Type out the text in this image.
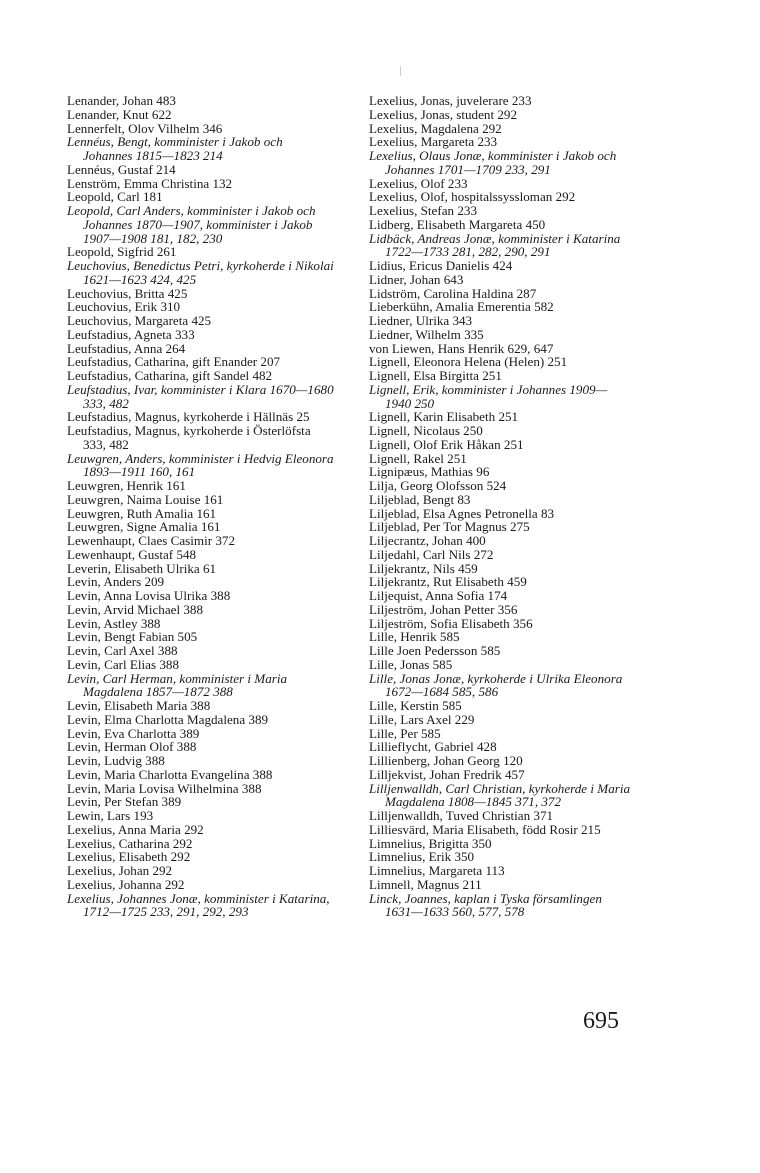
Lenander, Johan 483

Lenander, Knut 622

Lennerfelt, Olov Vilhelm 346

Lennéus, Bengt, komminister i Jakob och Johannes 1815—1823 214

Lennéus, Gustaf 214

Lenström, Emma Christina 132

Leopold, Carl 181

Leopold, Carl Anders, komminister i Jakob och Johannes 1870—1907, komminister i Jakob 1907—1908 181, 182, 230

Leopold, Sigfrid 261

Leuchovius, Benedictus Petri, kyrkoherde i Nikolai 1621—1623 424, 425

Leuchovius, Britta 425

Leuchovius, Erik 310

Leuchovius, Margareta 425

Leufstadius, Agneta 333

Leufstadius, Anna 264

Leufstadius, Catharina, gift Enander 207

Leufstadius, Catharina, gift Sandel 482

Leufstadius, Ivar, komminister i Klara 1670—1680 333, 482

Leufstadius, Magnus, kyrkoherde i Hällnäs 25

Leufstadius, Magnus, kyrkoherde i Österlöfsta 333, 482

Leuwgren, Anders, komminister i Hedvig Eleonora 1893—1911 160, 161

Leuwgren, Henrik 161

Leuwgren, Naima Louise 161

Leuwgren, Ruth Amalia 161

Leuwgren, Signe Amalia 161

Lewenhaupt, Claes Casimir 372

Lewenhaupt, Gustaf 548

Leverin, Elisabeth Ulrika 61

Levin, Anders 209

Levin, Anna Lovisa Ulrika 388

Levin, Arvid Michael 388

Levin, Astley 388

Levin, Bengt Fabian 505

Levin, Carl Axel 388

Levin, Carl Elias 388

Levin, Carl Herman, komminister i Maria Magdalena 1857—1872 388

Levin, Elisabeth Maria 388

Levin, Elma Charlotta Magdalena 389

Levin, Eva Charlotta 389

Levin, Herman Olof 388

Levin, Ludvig 388

Levin, Maria Charlotta Evangelina 388

Levin, Maria Lovisa Wilhelmina 388

Levin, Per Stefan 389

Lewin, Lars 193

Lexelius, Anna Maria 292

Lexelius, Catharina 292

Lexelius, Elisabeth 292

Lexelius, Johan 292

Lexelius, Johanna 292

Lexelius, Johannes Jonæ, komminister i Katarina, 1712—1725 233, 291, 292, 293

Lexelius, Jonas, juvelerare 233

Lexelius, Jonas, student 292

Lexelius, Magdalena 292

Lexelius, Margareta 233

Lexelius, Olaus Jonæ, komminister i Jakob och Johannes 1701—1709 233, 291

Lexelius, Olof 233

Lexelius, Olof, hospitalssyssloman 292

Lexelius, Stefan 233

Lidberg, Elisabeth Margareta 450

Lidbäck, Andreas Jonæ, komminister i Katarina 1722—1733 281, 282, 290, 291

Lidius, Ericus Danielis 424

Lidner, Johan 643

Lidström, Carolina Haldina 287

Lieberkühn, Amalia Emerentia 582

Liedner, Ulrika 343

Liedner, Wilhelm 335

von Liewen, Hans Henrik 629, 647

Lignell, Eleonora Helena (Helen) 251

Lignell, Elsa Birgitta 251

Lignell, Erik, komminister i Johannes 1909—1940 250

Lignell, Karin Elisabeth 251

Lignell, Nicolaus 250

Lignell, Olof Erik Håkan 251

Lignell, Rakel 251

Lignipæus, Mathias 96

Lilja, Georg Olofsson 524

Liljeblad, Bengt 83

Liljeblad, Elsa Agnes Petronella 83

Liljeblad, Per Tor Magnus 275

Liljecrantz, Johan 400

Liljedahl, Carl Nils 272

Liljekrantz, Nils 459

Liljekrantz, Rut Elisabeth 459

Liljequist, Anna Sofia 174

Liljeström, Johan Petter 356

Liljeström, Sofia Elisabeth 356

Lille, Henrik 585

Lille Joen Pedersson 585

Lille, Jonas 585

Lille, Jonas Jonæ, kyrkoherde i Ulrika Eleonora 1672—1684 585, 586

Lille, Kerstin 585

Lille, Lars Axel 229

Lille, Per 585

Lillieflycht, Gabriel 428

Lillienberg, Johan Georg 120

Lilljekvist, Johan Fredrik 457

Lilljenwalldh, Carl Christian, kyrkoherde i Maria Magdalena 1808—1845 371, 372

Lilljenwalldh, Tuved Christian 371

Lilliesvärd, Maria Elisabeth, född Rosir 215

Limnelius, Brigitta 350

Limnelius, Erik 350

Limnelius, Margareta 113

Limnell, Magnus 211

Linck, Joannes, kaplan i Tyska församlingen 1631—1633 560, 577, 578

695
